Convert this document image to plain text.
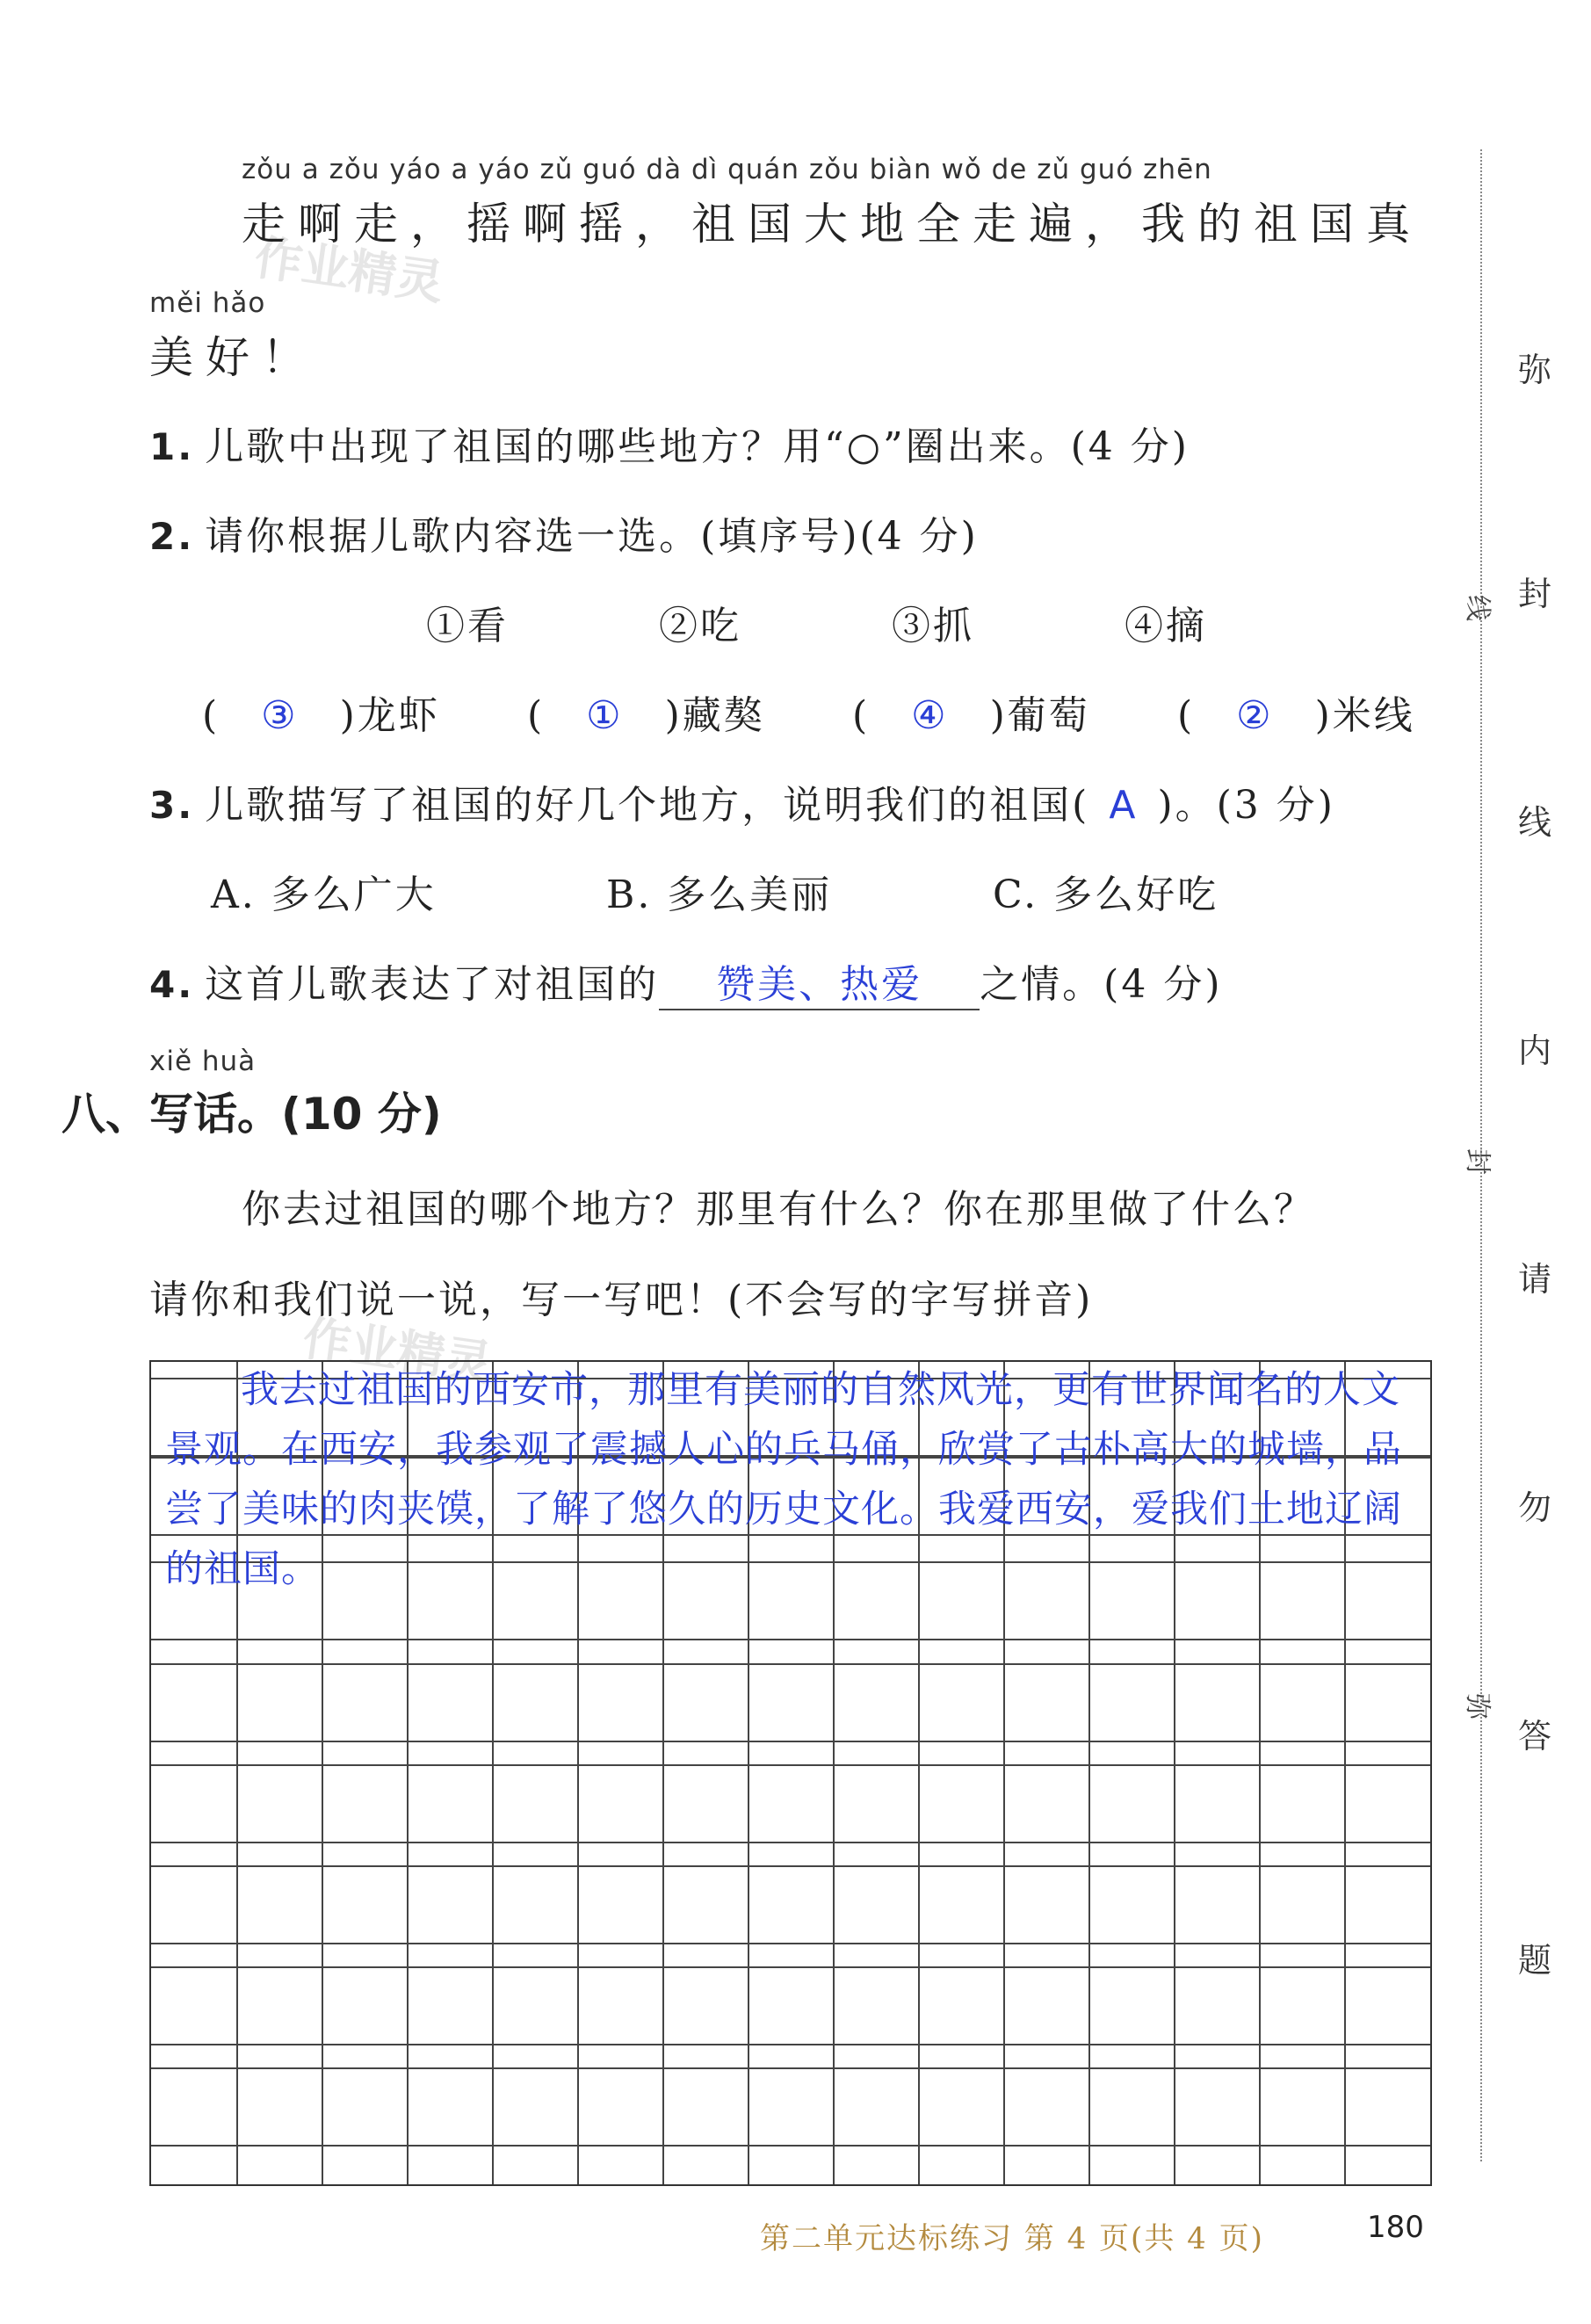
作业精灵
作业精灵
zǒu a zǒu yáo a yáo zǔ guó dà dì quán zǒu biàn wǒ de zǔ guó zhēn
走啊走，摇啊摇，祖国大地全走遍，我的祖国真
měi hǎo
美好！
1. 儿歌中出现了祖国的哪些地方？用“○”圈出来。(4 分)
2. 请你根据儿歌内容选一选。(填序号)(4 分)
①看	②吃	③抓	④摘
(　③　)龙虾 (　①　)藏獒 (　④　)葡萄 (　②　)米线
3. 儿歌描写了祖国的好几个地方，说明我们的祖国( A )。(3 分)
A. 多么广大	B. 多么美丽	C. 多么好吃
4. 这首儿歌表达了对祖国的 赞美、热爱 之情。(4 分)
xiě huà
八、写话。(10 分)
你去过祖国的哪个地方？那里有什么？你在那里做了什么？
请你和我们说一说，写一写吧！(不会写的字写拼音)
我去过祖国的西安市，那里有美丽的自然风光，更有世界闻名的人文景观。在西安，我参观了震撼人心的兵马俑，欣赏了古朴高大的城墙，品尝了美味的肉夹馍，了解了悠久的历史文化。我爱西安，爱我们土地辽阔的祖国。
线
封
弥
弥
封
线
内
请
勿
答
题
第二单元达标练习 第 4 页(共 4 页)	180
